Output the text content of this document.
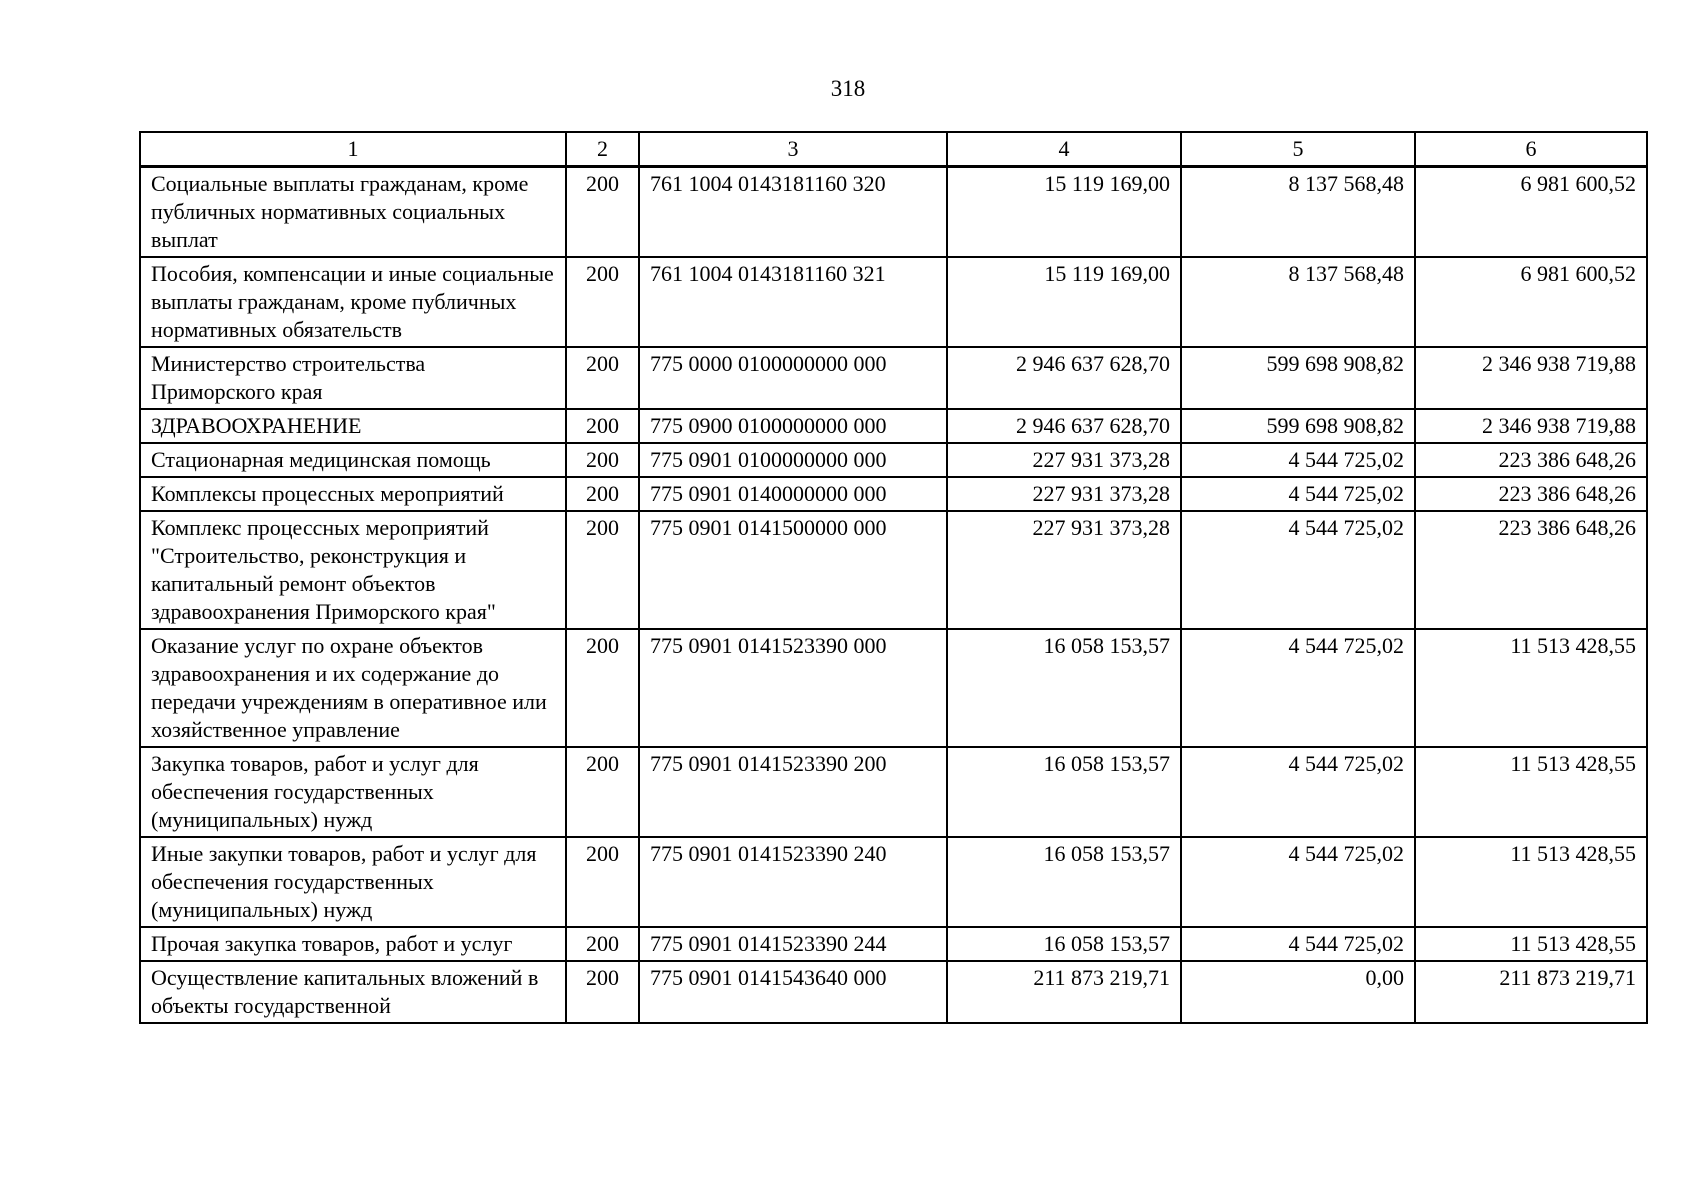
318
1	2	3	4	5	6
Социальные выплаты гражданам, кроме публичных нормативных социальных выплат	200	761 1004 0143181160 320	15 119 169,00	8 137 568,48	6 981 600,52
Пособия, компенсации и иные социальные выплаты гражданам, кроме публичных нормативных обязательств	200	761 1004 0143181160 321	15 119 169,00	8 137 568,48	6 981 600,52
Министерство строительства Приморского края	200	775 0000 0100000000 000	2 946 637 628,70	599 698 908,82	2 346 938 719,88
ЗДРАВООХРАНЕНИЕ	200	775 0900 0100000000 000	2 946 637 628,70	599 698 908,82	2 346 938 719,88
Стационарная медицинская помощь	200	775 0901 0100000000 000	227 931 373,28	4 544 725,02	223 386 648,26
Комплексы процессных мероприятий	200	775 0901 0140000000 000	227 931 373,28	4 544 725,02	223 386 648,26
Комплекс процессных мероприятий "Строительство, реконструкция и капитальный ремонт объектов здравоохранения Приморского края"	200	775 0901 0141500000 000	227 931 373,28	4 544 725,02	223 386 648,26
Оказание услуг по охране объектов здравоохранения и их содержание до передачи учреждениям в оперативное или хозяйственное управление	200	775 0901 0141523390 000	16 058 153,57	4 544 725,02	11 513 428,55
Закупка товаров, работ и услуг для обеспечения государственных (муниципальных) нужд	200	775 0901 0141523390 200	16 058 153,57	4 544 725,02	11 513 428,55
Иные закупки товаров, работ и услуг для обеспечения государственных (муниципальных) нужд	200	775 0901 0141523390 240	16 058 153,57	4 544 725,02	11 513 428,55
Прочая закупка товаров, работ и услуг	200	775 0901 0141523390 244	16 058 153,57	4 544 725,02	11 513 428,55
Осуществление капитальных вложений в объекты государственной	200	775 0901 0141543640 000	211 873 219,71	0,00	211 873 219,71
